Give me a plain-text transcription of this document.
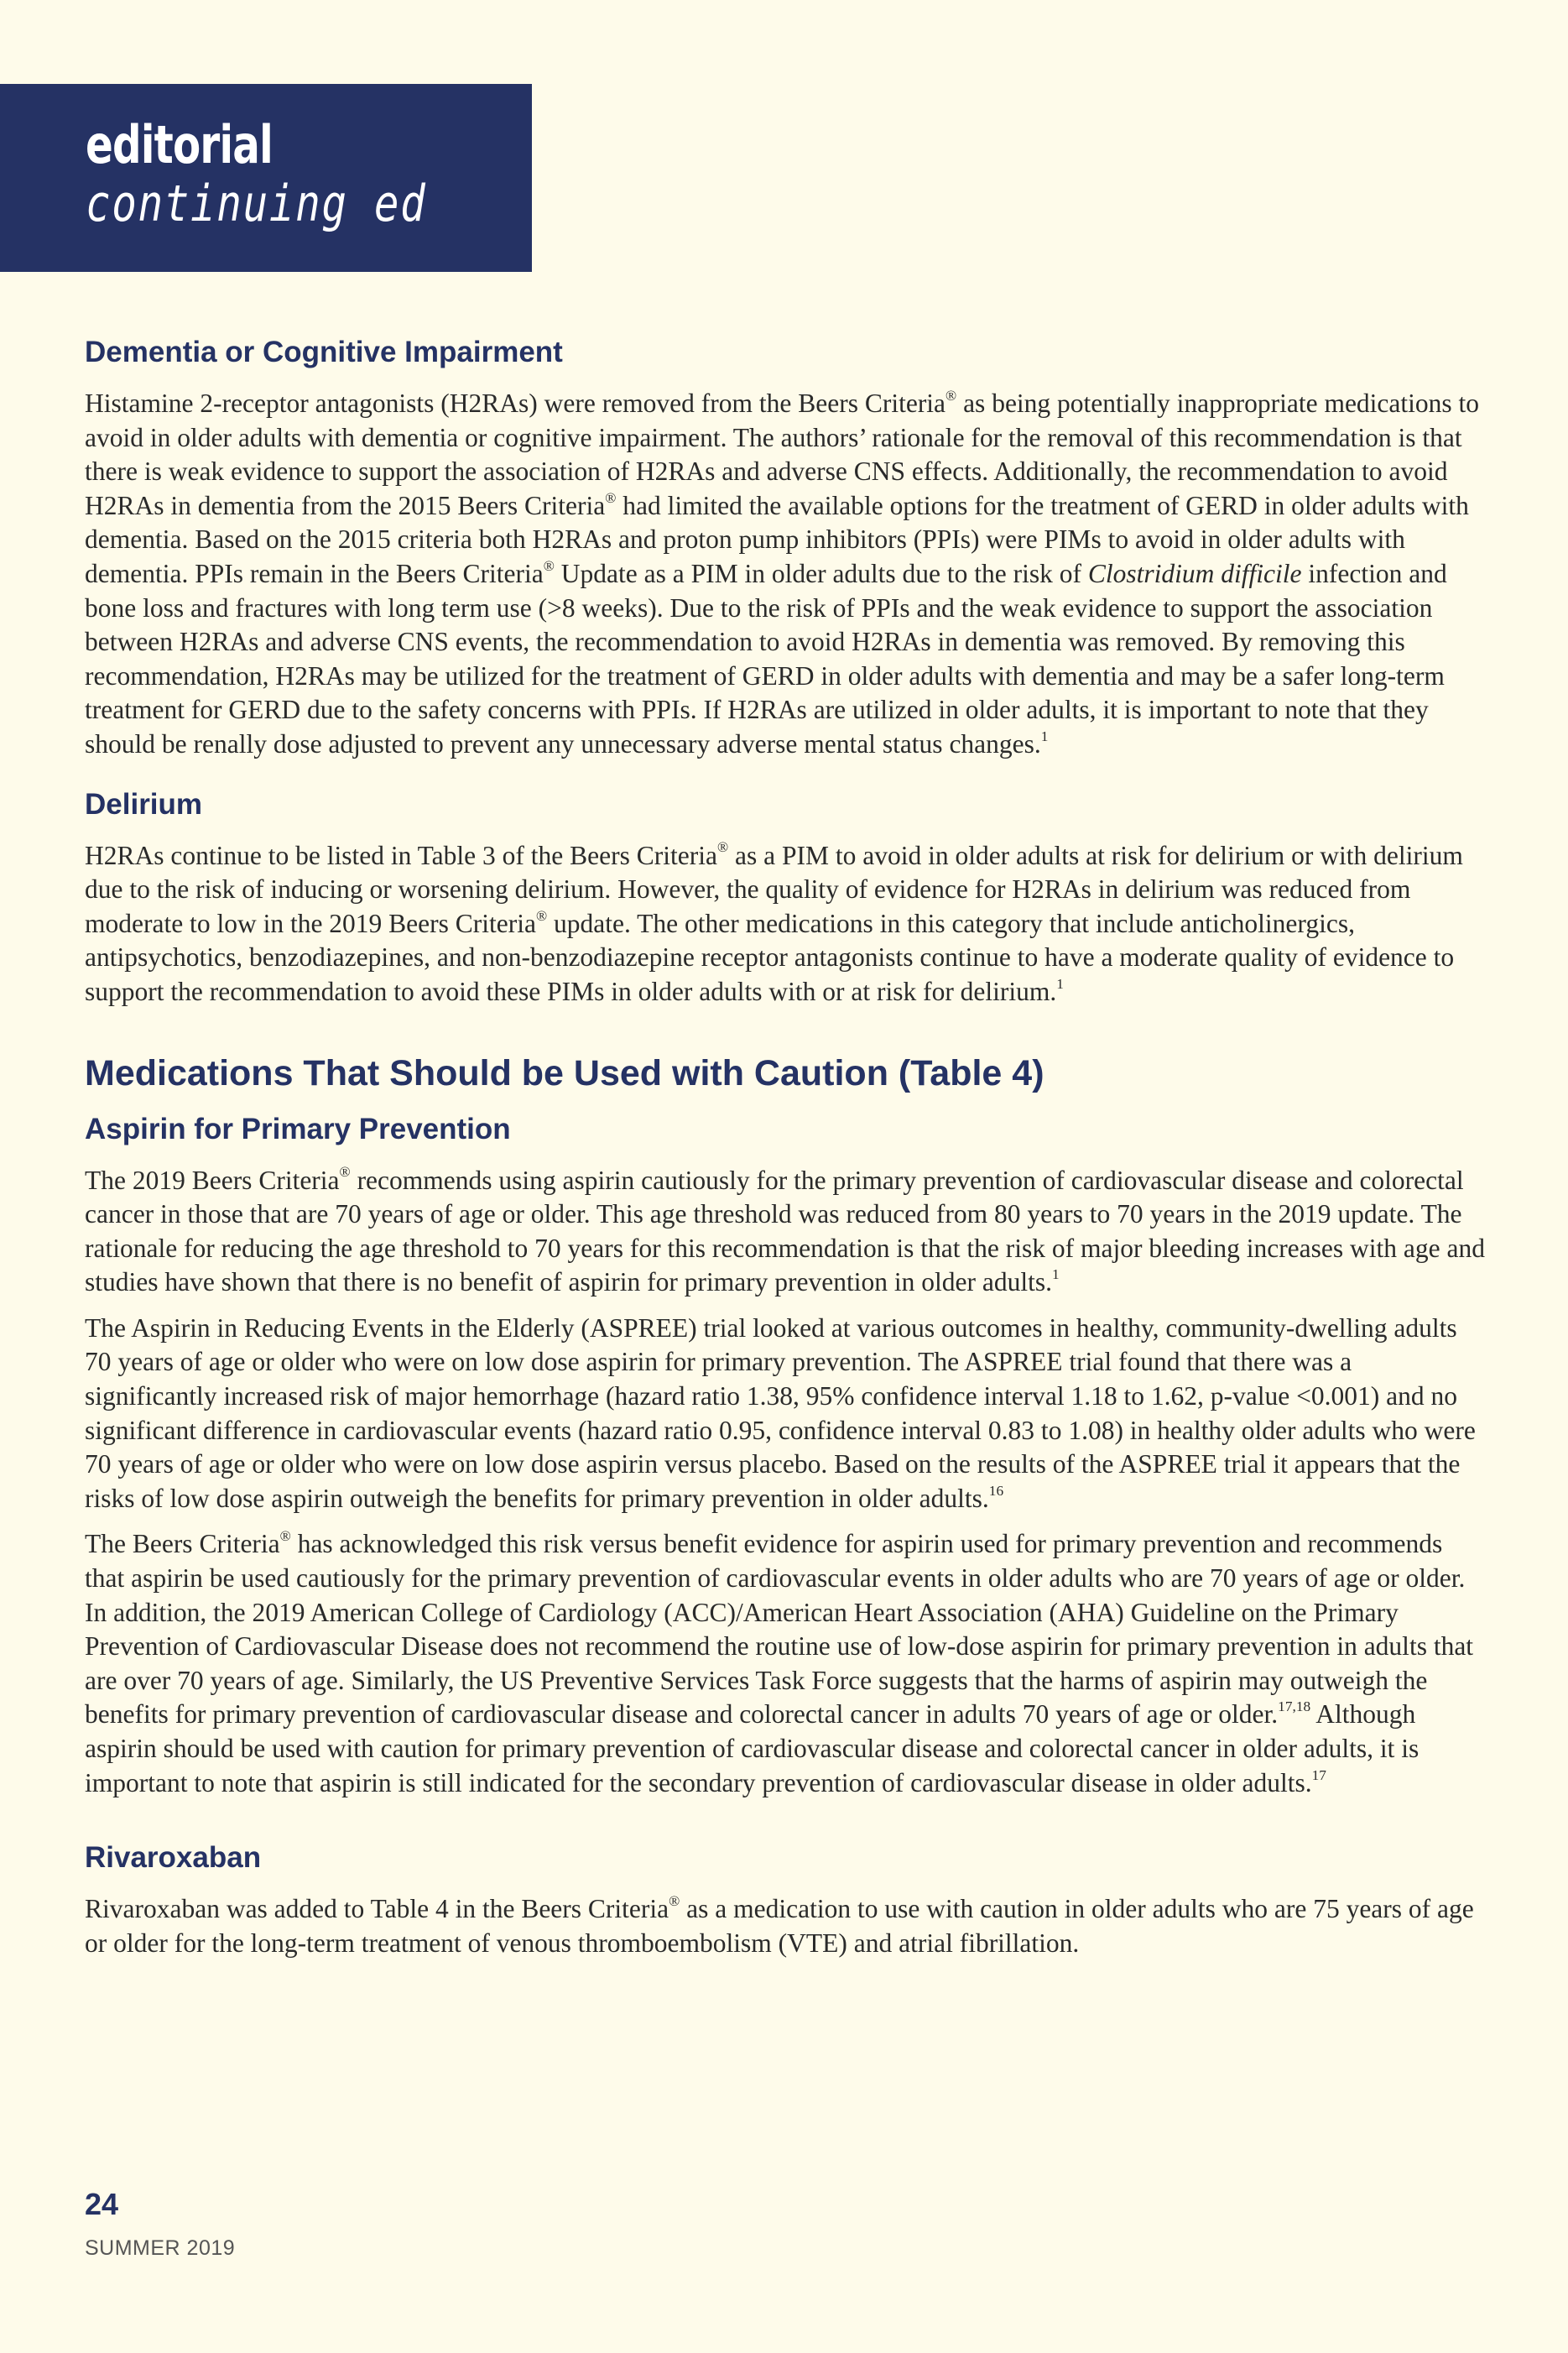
editorial
continuing ed
Dementia or Cognitive Impairment

Histamine 2-receptor antagonists (H2RAs) were removed from the Beers Criteria® as being potentially inappropriate medications to avoid in older adults with dementia or cognitive impairment. The authors’ rationale for the removal of this recommendation is that there is weak evidence to support the association of H2RAs and adverse CNS effects. Additionally, the recommendation to avoid H2RAs in dementia from the 2015 Beers Criteria® had limited the available options for the treatment of GERD in older adults with dementia. Based on the 2015 criteria both H2RAs and proton pump inhibitors (PPIs) were PIMs to avoid in older adults with dementia. PPIs remain in the Beers Criteria® Update as a PIM in older adults due to the risk of Clostridium difficile infection and bone loss and fractures with long term use (>8 weeks). Due to the risk of PPIs and the weak evidence to support the association between H2RAs and adverse CNS events, the recommendation to avoid H2RAs in dementia was removed. By removing this recommendation, H2RAs may be utilized for the treatment of GERD in older adults with dementia and may be a safer long-term treatment for GERD due to the safety concerns with PPIs. If H2RAs are utilized in older adults, it is important to note that they should be renally dose adjusted to prevent any unnecessary adverse mental status changes.$^1$

Delirium

H2RAs continue to be listed in Table 3 of the Beers Criteria® as a PIM to avoid in older adults at risk for delirium or with delirium due to the risk of inducing or worsening delirium. However, the quality of evidence for H2RAs in delirium was reduced from moderate to low in the 2019 Beers Criteria® update. The other medications in this category that include anticholinergics, antipsychotics, benzodiazepines, and non-benzodiazepine receptor antagonists continue to have a moderate quality of evidence to support the recommendation to avoid these PIMs in older adults with or at risk for delirium.$^1$

Medications That Should be Used with Caution (Table 4)
Aspirin for Primary Prevention

The 2019 Beers Criteria® recommends using aspirin cautiously for the primary prevention of cardiovascular disease and colorectal cancer in those that are 70 years of age or older. This age threshold was reduced from 80 years to 70 years in the 2019 update. The rationale for reducing the age threshold to 70 years for this recommendation is that the risk of major bleeding increases with age and studies have shown that there is no benefit of aspirin for primary prevention in older adults.$^1$

The Aspirin in Reducing Events in the Elderly (ASPREE) trial looked at various outcomes in healthy, community-dwelling adults 70 years of age or older who were on low dose aspirin for primary prevention. The ASPREE trial found that there was a significantly increased risk of major hemorrhage (hazard ratio 1.38, 95% confidence interval 1.18 to 1.62, p-value <0.001) and no significant difference in cardiovascular events (hazard ratio 0.95, confidence interval 0.83 to 1.08) in healthy older adults who were 70 years of age or older who were on low dose aspirin versus placebo. Based on the results of the ASPREE trial it appears that the risks of low dose aspirin outweigh the benefits for primary prevention in older adults.$^{16}$

The Beers Criteria® has acknowledged this risk versus benefit evidence for aspirin used for primary prevention and recommends that aspirin be used cautiously for the primary prevention of cardiovascular events in older adults who are 70 years of age or older. In addition, the 2019 American College of Cardiology (ACC)/American Heart Association (AHA) Guideline on the Primary Prevention of Cardiovascular Disease does not recommend the routine use of low-dose aspirin for primary prevention in adults that are over 70 years of age. Similarly, the US Preventive Services Task Force suggests that the harms of aspirin may outweigh the benefits for primary prevention of cardiovascular disease and colorectal cancer in adults 70 years of age or older.$^{17,18}$ Although aspirin should be used with caution for primary prevention of cardiovascular disease and colorectal cancer in older adults, it is important to note that aspirin is still indicated for the secondary prevention of cardiovascular disease in older adults.$^{17}$

Rivaroxaban

Rivaroxaban was added to Table 4 in the Beers Criteria® as a medication to use with caution in older adults who are 75 years of age or older for the long-term treatment of venous thromboembolism (VTE) and atrial fibrillation.

24
SUMMER 2019
